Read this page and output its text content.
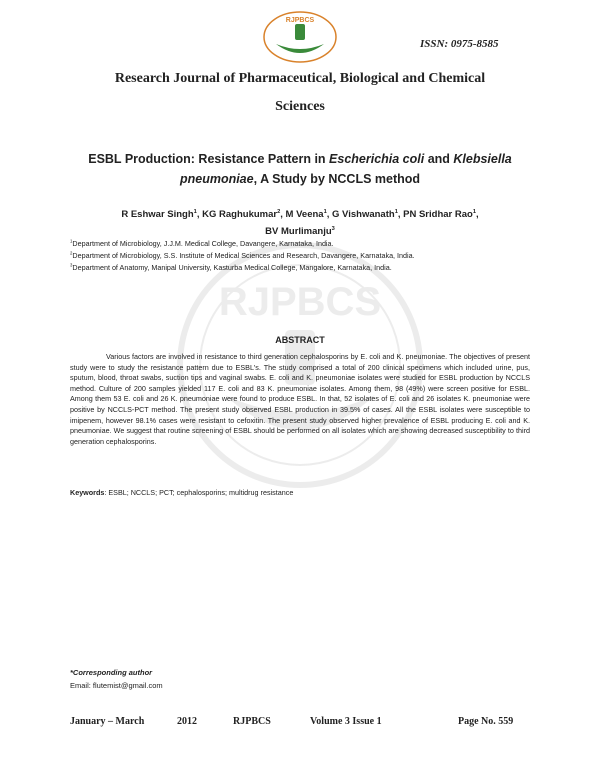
RJPBCS
ISSN: 0975-8585
RJPBCS
Research Journal of Pharmaceutical, Biological and Chemical
Sciences
ESBL Production: Resistance Pattern in Escherichia coli and Klebsiella
pneumoniae, A Study by NCCLS method
R Eshwar Singh$^1$, KG Raghukumar$^2$, M Veena$^1$, G Vishwanath$^1$, PN Sridhar Rao$^1$,
BV Murlimanju$^3$
$^1$Department of Microbiology, J.J.M. Medical College, Davangere, Karnataka, India.
$^2$Department of Microbiology, S.S. Institute of Medical Sciences and Research, Davangere, Karnataka, India.
$^3$Department of Anatomy, Manipal University, Kasturba Medical College, Mangalore, Karnataka, India.
ABSTRACT

Various factors are involved in resistance to third generation cephalosporins by E. coli and K. pneumoniae. The objectives of present study were to study the resistance pattern due to ESBL's. The study comprised a total of 200 clinical specimens which included urine, pus, sputum, blood, throat swabs, suction tips and vaginal swabs. E. coli and K. pneumoniae isolates were studied for ESBL production by NCCLS method. Culture of 200 samples yielded 117 E. coli and 83 K. pneumoniae isolates. Among them, 98 (49%) were screen positive for ESBL. Among them 53 E. coli and 26 K. pneumoniae were found to produce ESBL. In that, 52 isolates of E. coli and 26 isolates K. pneumoniae were positive by NCCLS-PCT method. The present study observed ESBL production in 39.5% of cases. All the ESBL isolates were susceptible to imipenem, however 98.1% cases were resistant to cefoxitin. The present study observed higher prevalence of ESBL producing E. coli and K. pneumoniae. We suggest that routine screening of ESBL should be performed on all isolates which are showing decreased susceptibility to third generation cephalosporins.

Keywords: ESBL; NCCLS; PCT; cephalosporins; multidrug resistance
*Corresponding author
Email: flutemist@gmail.com
January – March	2012	RJPBCS	Volume 3 Issue 1	Page No. 559
